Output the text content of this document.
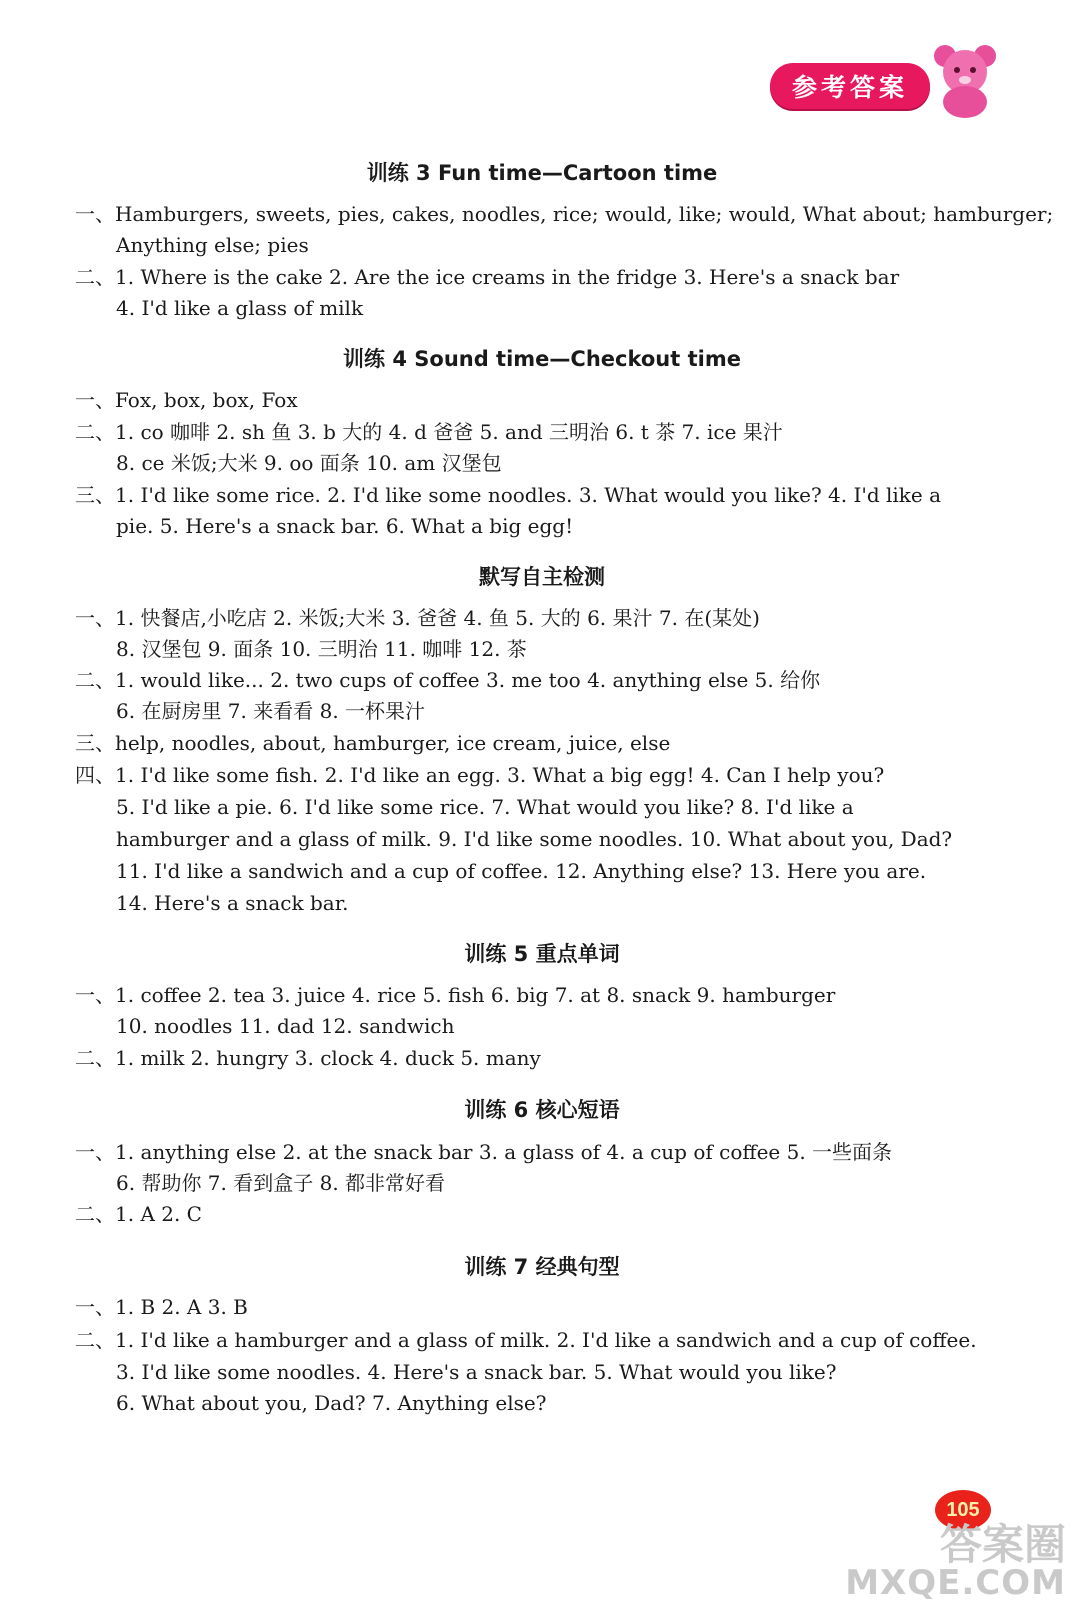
参考答案
训练 3 Fun time—Cartoon time
一、Hamburgers, sweets, pies, cakes, noodles, rice; would, like; would, What about; hamburger;
Anything else; pies
二、1. Where is the cake 2. Are the ice creams in the fridge 3. Here's a snack bar
4. I'd like a glass of milk
训练 4 Sound time—Checkout time
一、Fox, box, box, Fox
二、1. co 咖啡 2. sh 鱼 3. b 大的 4. d 爸爸 5. and 三明治 6. t 茶 7. ice 果汁
8. ce 米饭;大米 9. oo 面条 10. am 汉堡包
三、1. I'd like some rice. 2. I'd like some noodles. 3. What would you like? 4. I'd like a
pie. 5. Here's a snack bar. 6. What a big egg!
默写自主检测
一、1. 快餐店,小吃店 2. 米饭;大米 3. 爸爸 4. 鱼 5. 大的 6. 果汁 7. 在(某处)
8. 汉堡包 9. 面条 10. 三明治 11. 咖啡 12. 茶
二、1. would like... 2. two cups of coffee 3. me too 4. anything else 5. 给你
6. 在厨房里 7. 来看看 8. 一杯果汁
三、help, noodles, about, hamburger, ice cream, juice, else
四、1. I'd like some fish. 2. I'd like an egg. 3. What a big egg! 4. Can I help you?
5. I'd like a pie. 6. I'd like some rice. 7. What would you like? 8. I'd like a
hamburger and a glass of milk. 9. I'd like some noodles. 10. What about you, Dad?
11. I'd like a sandwich and a cup of coffee. 12. Anything else? 13. Here you are.
14. Here's a snack bar.
训练 5 重点单词
一、1. coffee 2. tea 3. juice 4. rice 5. fish 6. big 7. at 8. snack 9. hamburger
10. noodles 11. dad 12. sandwich
二、1. milk 2. hungry 3. clock 4. duck 5. many
训练 6 核心短语
一、1. anything else 2. at the snack bar 3. a glass of 4. a cup of coffee 5. 一些面条
6. 帮助你 7. 看到盒子 8. 都非常好看
二、1. A 2. C
训练 7 经典句型
一、1. B 2. A 3. B
二、1. I'd like a hamburger and a glass of milk. 2. I'd like a sandwich and a cup of coffee.
3. I'd like some noodles. 4. Here's a snack bar. 5. What would you like?
6. What about you, Dad? 7. Anything else?
105
答案圈
MXQE.COM
